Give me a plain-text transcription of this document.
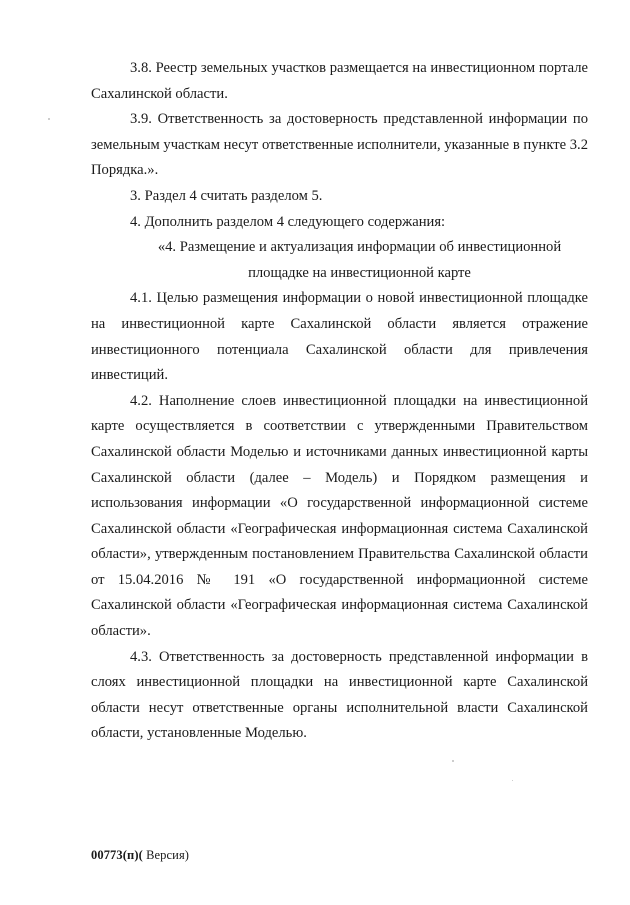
3.8. Реестр земельных участков размещается на инвестиционном портале Сахалинской области.

3.9. Ответственность за достоверность представленной информации по земельным участкам несут ответственные исполнители, указанные в пункте 3.2 Порядка.».

3. Раздел 4 считать разделом 5.

4. Дополнить разделом 4 следующего содержания:

«4. Размещение и актуализация информации об инвестиционной
площадке на инвестиционной карте

4.1. Целью размещения информации о новой инвестиционной площадке на инвестиционной карте Сахалинской области является отражение инвестиционного потенциала Сахалинской области для привлечения инвестиций.

4.2. Наполнение слоев инвестиционной площадки на инвестиционной карте осуществляется в соответствии с утвержденными Правительством Сахалинской области Моделью и источниками данных инвестиционной карты Сахалинской области (далее – Модель) и Порядком размещения и использования информации «О государственной информационной системе Сахалинской области «Географическая информационная система Сахалинской области», утвержденным постановлением Правительства Сахалинской области от 15.04.2016 № 191 «О государственной информационной системе Сахалинской области «Географическая информационная система Сахалинской области».

4.3. Ответственность за достоверность представленной информации в слоях инвестиционной площадки на инвестиционной карте Сахалинской области несут ответственные органы исполнительной власти Сахалинской области, установленные Моделью.

00773(п)( Версия)
